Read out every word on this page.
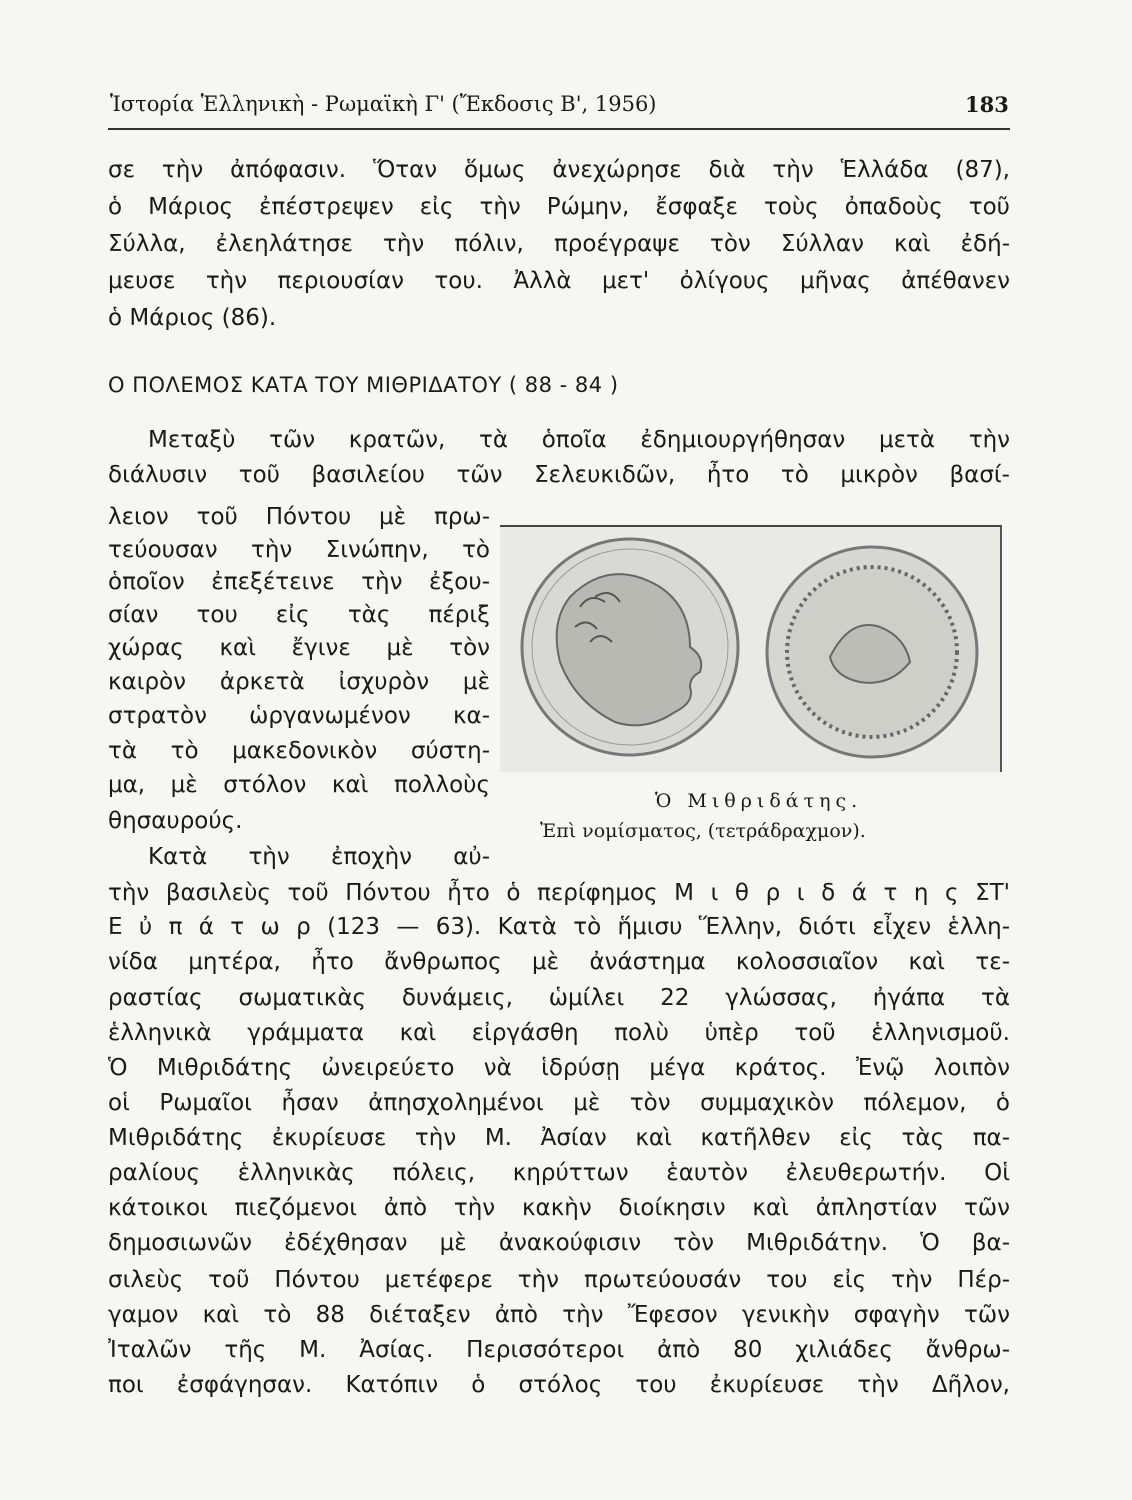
Ἱστορία Ἑλληνικὴ - Ρωμαϊκὴ Γ' (Ἔκδοσις Β', 1956)	183
σε τὴν ἀπόφασιν. Ὅταν ὅμως ἀνεχώρησε διὰ τὴν Ἑλλάδα (87),
ὁ Μάριος ἐπέστρεψεν εἰς τὴν Ρώμην, ἔσφαξε τοὺς ὀπαδοὺς τοῦ
Σύλλα, ἐλεηλάτησε τὴν πόλιν, προέγραψε τὸν Σύλλαν καὶ ἐδή-
μευσε τὴν περιουσίαν του. Ἀλλὰ μετ' ὀλίγους μῆνας ἀπέθανεν
ὁ Μάριος (86).
Ο ΠΟΛΕΜΟΣ ΚΑΤΑ ΤΟΥ ΜΙΘΡΙΔΑΤΟΥ ( 88 - 84 )
Μεταξὺ τῶν κρατῶν, τὰ ὁποῖα ἐδημιουργήθησαν μετὰ τὴν
διάλυσιν τοῦ βασιλείου τῶν Σελευκιδῶν, ἦτο τὸ μικρὸν βασί-
λειον τοῦ Πόντου μὲ πρω-
τεύουσαν τὴν Σινώπην, τὸ
ὁποῖον ἐπεξέτεινε τὴν ἐξου-
σίαν του εἰς τὰς πέριξ
χώρας καὶ ἔγινε μὲ τὸν
καιρὸν ἀρκετὰ ἰσχυρὸν μὲ
στρατὸν ὡργανωμένον κα-
τὰ τὸ μακεδονικὸν σύστη-
μα, μὲ στόλον καὶ πολλοὺς
θησαυρούς.
Κατὰ τὴν ἐποχὴν αὐ-
τὴν βασιλεὺς τοῦ Πόντου ἦτο ὁ περίφημος Μ ι θ ρ ι δ ά τ η ς ΣΤ'
Ε ὐ π ά τ ω ρ (123 — 63). Κατὰ τὸ ἥμισυ Ἕλλην, διότι εἶχεν ἑλλη-
νίδα μητέρα, ἦτο ἄνθρωπος μὲ ἀνάστημα κολοσσιαῖον καὶ τε-
ραστίας σωματικὰς δυνάμεις, ὡμίλει 22 γλώσσας, ἠγάπα τὰ
ἑλληνικὰ γράμματα καὶ εἰργάσθη πολὺ ὑπὲρ τοῦ ἑλληνισμοῦ.
Ὁ Μιθριδάτης ὠνειρεύετο νὰ ἱδρύσῃ μέγα κράτος. Ἐνῷ λοιπὸν
οἱ Ρωμαῖοι ἦσαν ἀπησχολημένοι μὲ τὸν συμμαχικὸν πόλεμον, ὁ
Μιθριδάτης ἐκυρίευσε τὴν Μ. Ἀσίαν καὶ κατῆλθεν εἰς τὰς πα-
ραλίους ἑλληνικὰς πόλεις, κηρύττων ἑαυτὸν ἐλευθερωτήν. Οἱ
κάτοικοι πιεζόμενοι ἀπὸ τὴν κακὴν διοίκησιν καὶ ἀπληστίαν τῶν
δημοσιωνῶν ἐδέχθησαν μὲ ἀνακούφισιν τὸν Μιθριδάτην. Ὁ βα-
σιλεὺς τοῦ Πόντου μετέφερε τὴν πρωτεύουσάν του εἰς τὴν Πέρ-
γαμον καὶ τὸ 88 διέταξεν ἀπὸ τὴν Ἔφεσον γενικὴν σφαγὴν τῶν
Ἰταλῶν τῆς Μ. Ἀσίας. Περισσότεροι ἀπὸ 80 χιλιάδες ἄνθρω-
ποι ἐσφάγησαν. Κατόπιν ὁ στόλος του ἐκυρίευσε τὴν Δῆλον,
Ὁ Μιθριδάτης.
Ἐπὶ νομίσματος, (τετράδραχμον).
